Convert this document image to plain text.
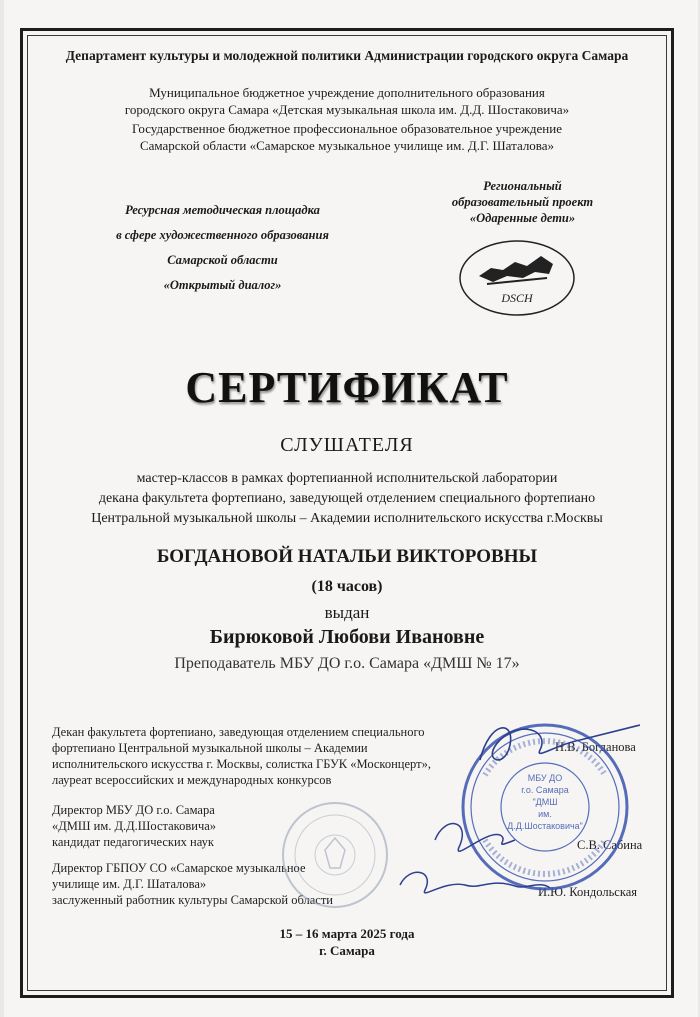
Департамент культуры и молодежной политики Администрации городского округа Самара
Муниципальное бюджетное учреждение дополнительного образования
городского округа Самара «Детская музыкальная школа им. Д.Д. Шостаковича»
Государственное бюджетное профессиональное образовательное учреждение
Самарской области «Самарское музыкальное училище им. Д.Г. Шаталова»
Ресурсная методическая площадка
в сфере художественного образования
Самарской области
«Открытый диалог»
Региональный
образовательный проект
«Одаренные дети»
DSCH
СЕРТИФИКАТ
СЛУШАТЕЛЯ
мастер-классов в рамках фортепианной исполнительской лаборатории
декана факультета фортепиано, заведующей отделением специального фортепиано
Центральной музыкальной школы – Академии исполнительского искусства г.Москвы
БОГДАНОВОЙ НАТАЛЬИ ВИКТОРОВНЫ
(18 часов)
выдан
Бирюковой Любови Ивановне
Преподаватель МБУ ДО г.о. Самара «ДМШ № 17»
Декан факультета фортепиано, заведующая отделением специального
фортепиано Центральной музыкальной школы – Академии
исполнительского искусства г. Москвы, солистка ГБУК «Москонцерт»,
лауреат всероссийских и международных конкурсов
Директор МБУ ДО г.о. Самара
«ДМШ им. Д.Д.Шостаковича»
кандидат педагогических наук
Директор ГБПОУ СО «Самарское музыкальное
училище им. Д.Г. Шаталова»
заслуженный работник культуры Самарской области
Н.В. Богданова
С.В. Сабина
И.Ю. Кондольская
МБУ ДО
г.о. Самара
"ДМШ
им.
Д.Д.Шостаковича"
15 – 16 марта 2025 года
г. Самара
